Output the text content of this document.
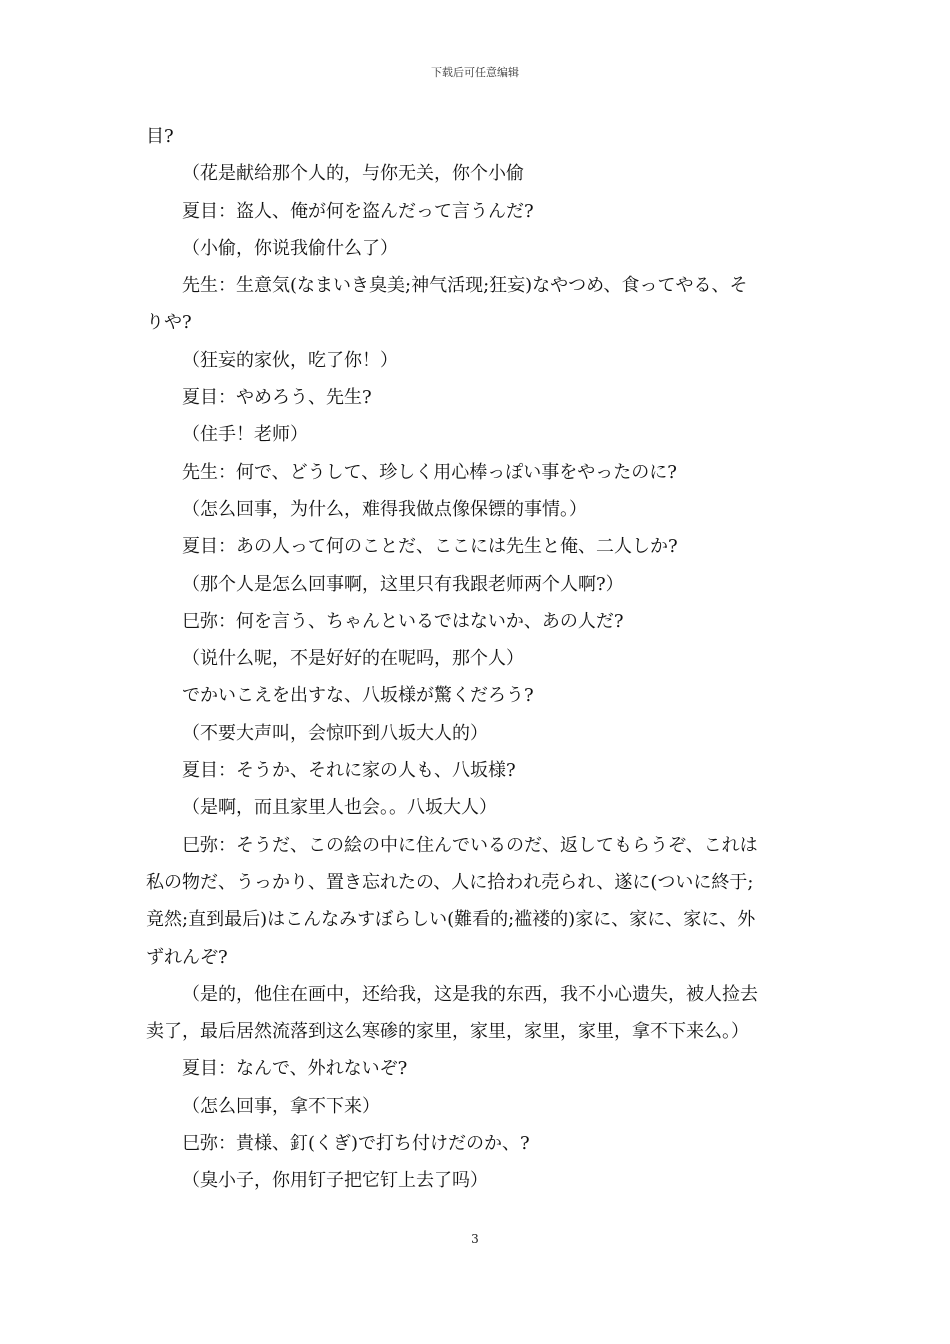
下载后可任意编辑
目?
（花是献给那个人的，与你无关，你个小偷
夏目：盗人、俺が何を盗んだって言うんだ?
（小偷，你说我偷什么了）
先生：生意気(なまいき臭美;神气活现;狂妄)なやつめ、食ってやる、そ
りや?
（狂妄的家伙，吃了你！）
夏目：やめろう、先生?
（住手！老师）
先生：何で、どうして、珍しく用心棒っぽい事をやったのに?
（怎么回事，为什么，难得我做点像保镖的事情。）
夏目：あの人って何のことだ、ここには先生と俺、二人しか?
（那个人是怎么回事啊，这里只有我跟老师两个人啊?）
巳弥：何を言う、ちゃんといるではないか、あの人だ?
（说什么呢，不是好好的在呢吗，那个人）
でかいこえを出すな、八坂様が驚くだろう?
（不要大声叫，会惊吓到八坂大人的）
夏目：そうか、それに家の人も、八坂様?
（是啊，而且家里人也会。。八坂大人）
巳弥：そうだ、この絵の中に住んでいるのだ、返してもらうぞ、これは
私の物だ、うっかり、置き忘れたの、人に拾われ売られ、遂に(ついに終于;
竟然;直到最后)はこんなみすぼらしい(難看的;褴褛的)家に、家に、家に、外
ずれんぞ?
（是的，他住在画中，还给我，这是我的东西，我不小心遗失，被人捡去
卖了，最后居然流落到这么寒碜的家里，家里，家里，家里，拿不下来么。）
夏目：なんで、外れないぞ?
（怎么回事，拿不下来）
巳弥：貴様、釘(くぎ)で打ち付けだのか、?
（臭小子，你用钉子把它钉上去了吗）
3
